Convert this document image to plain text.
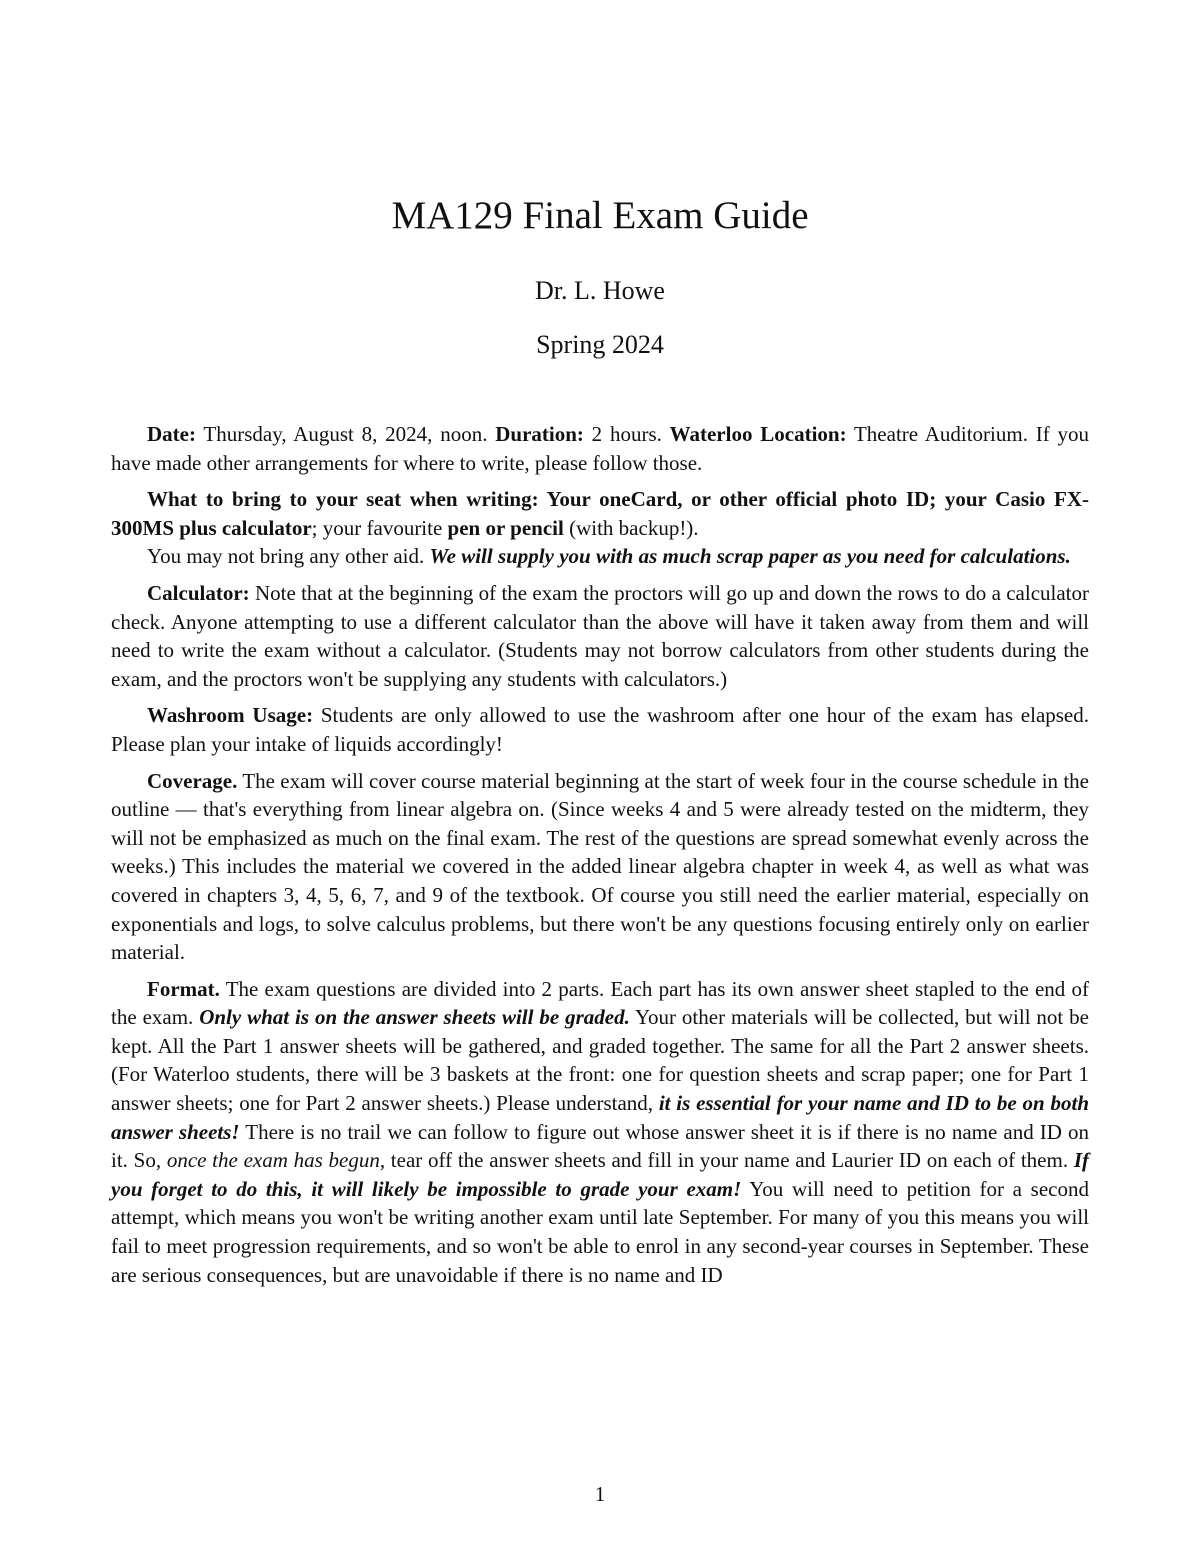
MA129 Final Exam Guide
Dr. L. Howe
Spring 2024

Date: Thursday, August 8, 2024, noon. Duration: 2 hours. Waterloo Location: Theatre Auditorium. If you have made other arrangements for where to write, please follow those.

What to bring to your seat when writing: Your oneCard, or other official photo ID; your Casio FX-300MS plus calculator; your favourite pen or pencil (with backup!).

You may not bring any other aid. We will supply you with as much scrap paper as you need for calculations.

Calculator: Note that at the beginning of the exam the proctors will go up and down the rows to do a calculator check. Anyone attempting to use a different calculator than the above will have it taken away from them and will need to write the exam without a calculator. (Students may not borrow calculators from other students during the exam, and the proctors won't be supplying any students with calculators.)

Washroom Usage: Students are only allowed to use the washroom after one hour of the exam has elapsed. Please plan your intake of liquids accordingly!

Coverage. The exam will cover course material beginning at the start of week four in the course schedule in the outline — that's everything from linear algebra on. (Since weeks 4 and 5 were already tested on the midterm, they will not be emphasized as much on the final exam. The rest of the questions are spread somewhat evenly across the weeks.) This includes the material we covered in the added linear algebra chapter in week 4, as well as what was covered in chapters 3, 4, 5, 6, 7, and 9 of the textbook. Of course you still need the earlier material, especially on exponentials and logs, to solve calculus problems, but there won't be any questions focusing entirely only on earlier material.

Format. The exam questions are divided into 2 parts. Each part has its own answer sheet stapled to the end of the exam. Only what is on the answer sheets will be graded. Your other materials will be collected, but will not be kept. All the Part 1 answer sheets will be gathered, and graded together. The same for all the Part 2 answer sheets. (For Waterloo students, there will be 3 baskets at the front: one for question sheets and scrap paper; one for Part 1 answer sheets; one for Part 2 answer sheets.) Please understand, it is essential for your name and ID to be on both answer sheets! There is no trail we can follow to figure out whose answer sheet it is if there is no name and ID on it. So, once the exam has begun, tear off the answer sheets and fill in your name and Laurier ID on each of them. If you forget to do this, it will likely be impossible to grade your exam! You will need to petition for a second attempt, which means you won't be writing another exam until late September. For many of you this means you will fail to meet progression requirements, and so won't be able to enrol in any second-year courses in September. These are serious consequences, but are unavoidable if there is no name and ID

1
